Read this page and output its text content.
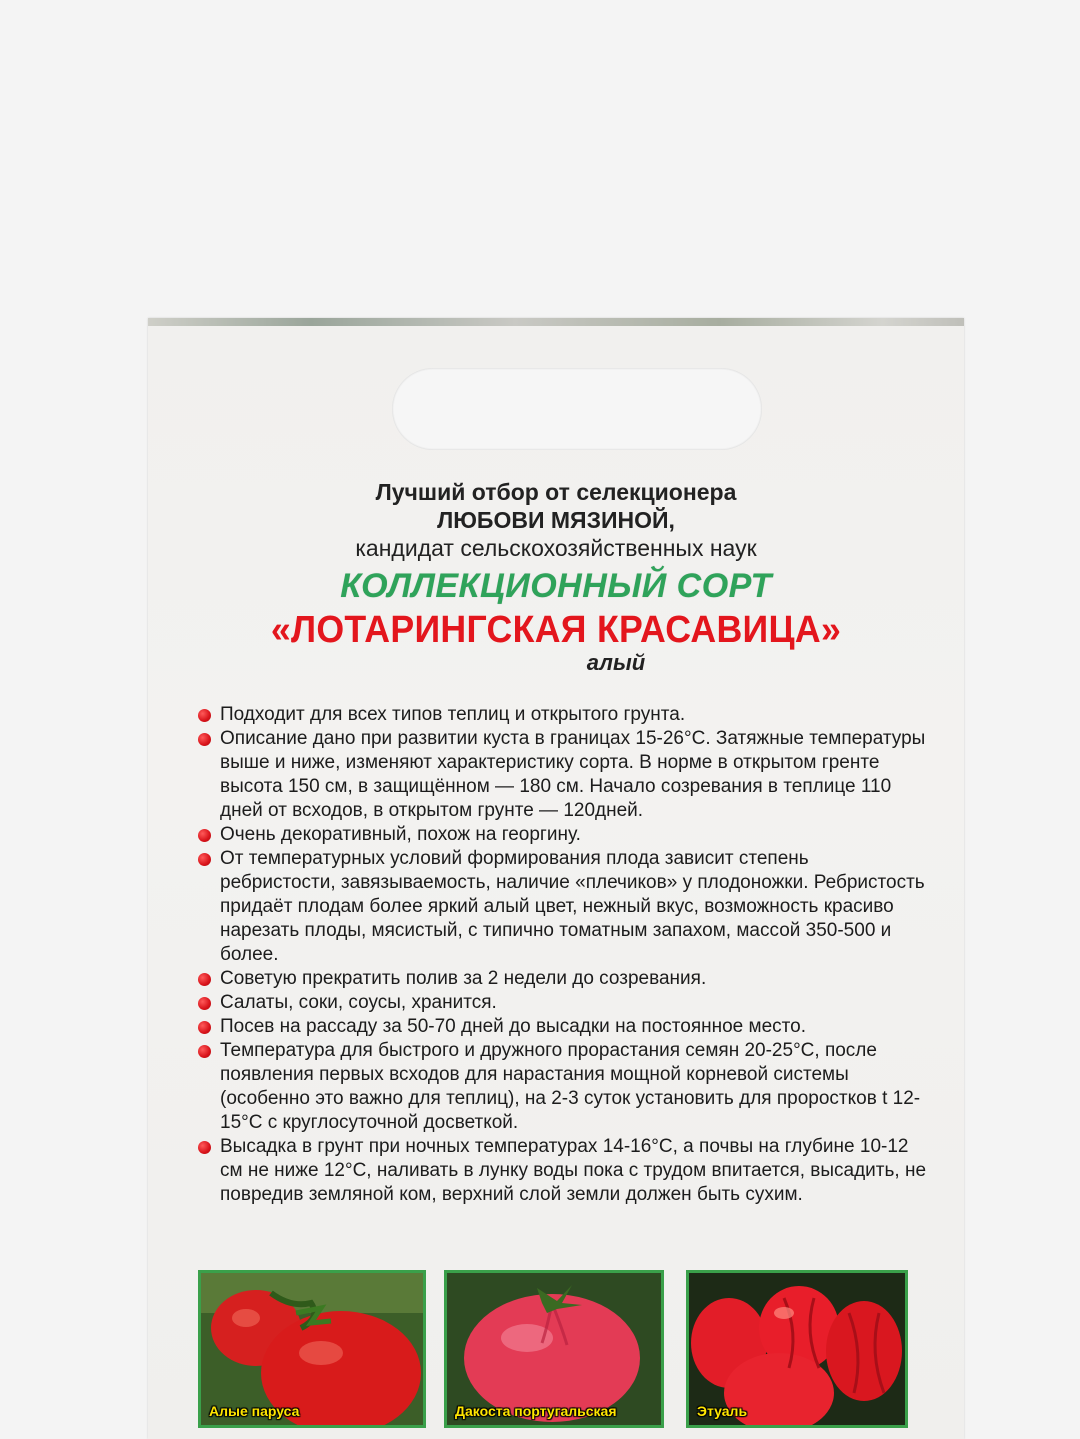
Лучший отбор от селекционера
ЛЮБОВИ МЯЗИНОЙ,
кандидат сельскохозяйственных наук
КОЛЛЕКЦИОННЫЙ СОРТ
«ЛОТАРИНГСКАЯ КРАСАВИЦА»
алый
Подходит для всех типов теплиц и открытого грунта.
Описание дано при развитии куста в границах 15-26°С. Затяжные температуры выше и ниже, изменяют характеристику сорта. В норме в открытом гренте высота 150 см, в защищённом — 180 см. Начало созревания в теплице 110 дней от всходов, в открытом грунте — 120дней.
Очень декоративный, похож на георгину.
От температурных условий формирования плода зависит степень ребристости, завязываемость, наличие «плечиков» у плодоножки. Ребристость придаёт плодам более яркий алый цвет, нежный вкус, возможность красиво нарезать плоды, мясистый, с типично томатным запахом, массой 350-500 и более.
Советую прекратить полив за 2 недели до созревания.
Салаты, соки, соусы, хранится.
Посев на рассаду за 50-70 дней до высадки на постоянное место.
Температура для быстрого и дружного прорастания семян 20-25°С, после появления первых всходов для нарастания мощной корневой системы (особенно это важно для теплиц), на 2-3 суток установить для проростков t 12-15°С с круглосуточной досветкой.
Высадка в грунт при ночных температурах 14-16°С, а почвы на глубине 10-12 см не ниже 12°С, наливать в лунку воды пока с трудом впитается, высадить, не повредив земляной ком, верхний слой земли должен быть сухим.
Алые паруса	Дакоста португальская	Этуаль
